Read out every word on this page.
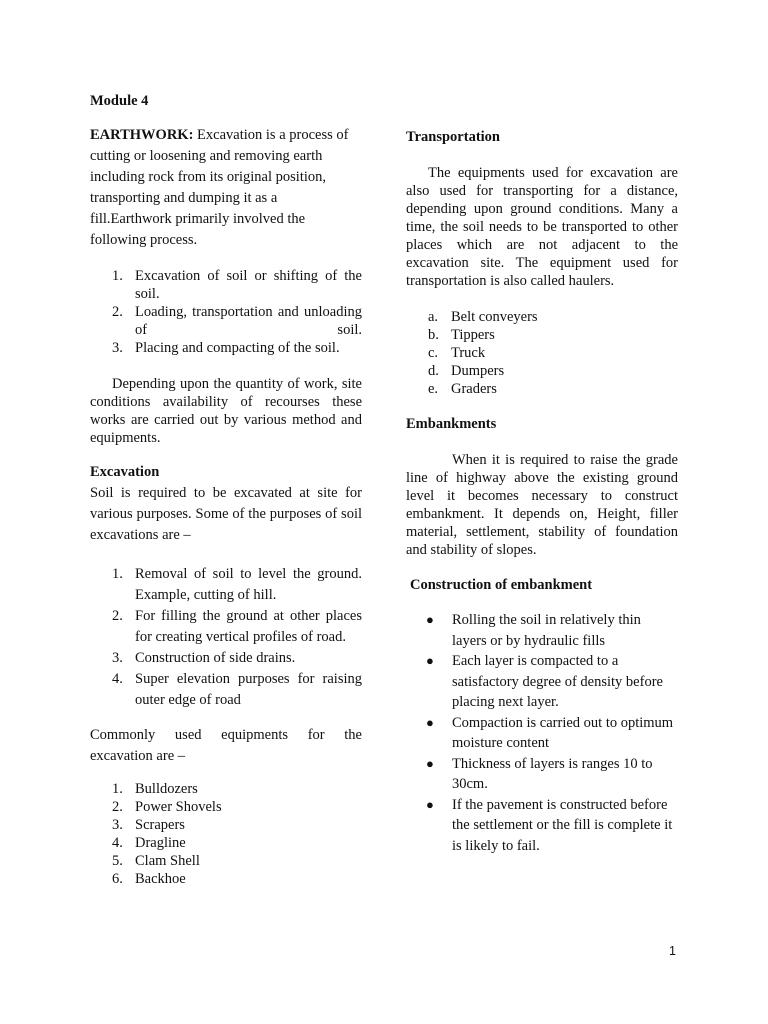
Module 4
EARTHWORK: Excavation is a process of cutting or loosening and removing earth including rock from its original position, transporting and dumping it as a fill.Earthwork primarily involved the following process.
1. Excavation of soil or shifting of the soil.
2. Loading, transportation and unloading of soil.
3. Placing and compacting of the soil.
Depending upon the quantity of work, site conditions availability of recourses these works are carried out by various method and equipments.
Excavation
Soil is required to be excavated at site for various purposes. Some of the purposes of soil excavations are –
1. Removal of soil to level the ground. Example, cutting of hill.
2. For filling the ground at other places for creating vertical profiles of road.
3. Construction of side drains.
4. Super elevation purposes for raising outer edge of road
Commonly used equipments for the excavation are –
1. Bulldozers
2. Power Shovels
3. Scrapers
4. Dragline
5. Clam Shell
6. Backhoe
Transportation
The equipments used for excavation are also used for transporting for a distance, depending upon ground conditions. Many a time, the soil needs to be transported to other places which are not adjacent to the excavation site. The equipment used for transportation is also called haulers.
a. Belt conveyers
b. Tippers
c. Truck
d. Dumpers
e. Graders
Embankments
When it is required to raise the grade line of highway above the existing ground level it becomes necessary to construct embankment. It depends on, Height, filler material, settlement, stability of foundation and stability of slopes.
Construction of embankment
● Rolling the soil in relatively thin layers or by hydraulic fills
● Each layer is compacted to a satisfactory degree of density before placing next layer.
● Compaction is carried out to optimum moisture content
● Thickness of layers is ranges 10 to 30cm.
● If the pavement is constructed before the settlement or the fill is complete it is likely to fail.
1
